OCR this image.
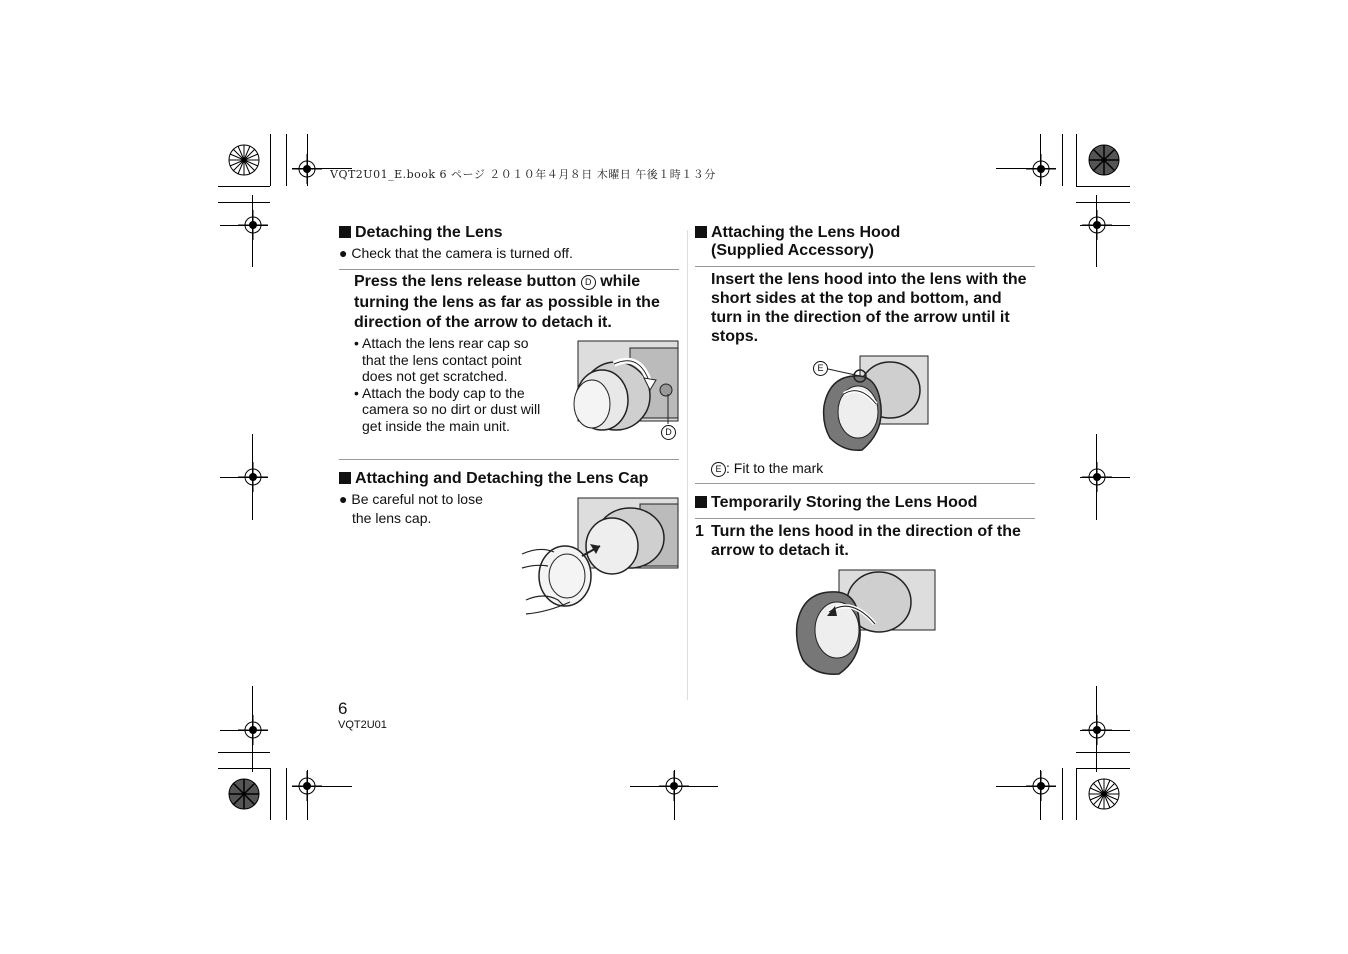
VQT2U01_E.book 6 ページ ２０１０年４月８日 木曜日 午後１時１３分
Detaching the Lens
● Check that the camera is turned off.
Press the lens release button D while turning the lens as far as possible in the direction of the arrow to detach it.
• Attach the lens rear cap so that the lens contact point does not get scratched.
• Attach the body cap to the camera so no dirt or dust will get inside the main unit.	D
Attaching and Detaching the Lens Cap
● Be careful not to lose
the lens cap.
Attaching the Lens Hood
(Supplied Accessory)
Insert the lens hood into the lens with the short sides at the top and bottom, and turn in the direction of the arrow until it stops.
E
E : Fit to the mark
Temporarily Storing the Lens Hood
1 Turn the lens hood in the direction of the arrow to detach it.
6
VQT2U01
